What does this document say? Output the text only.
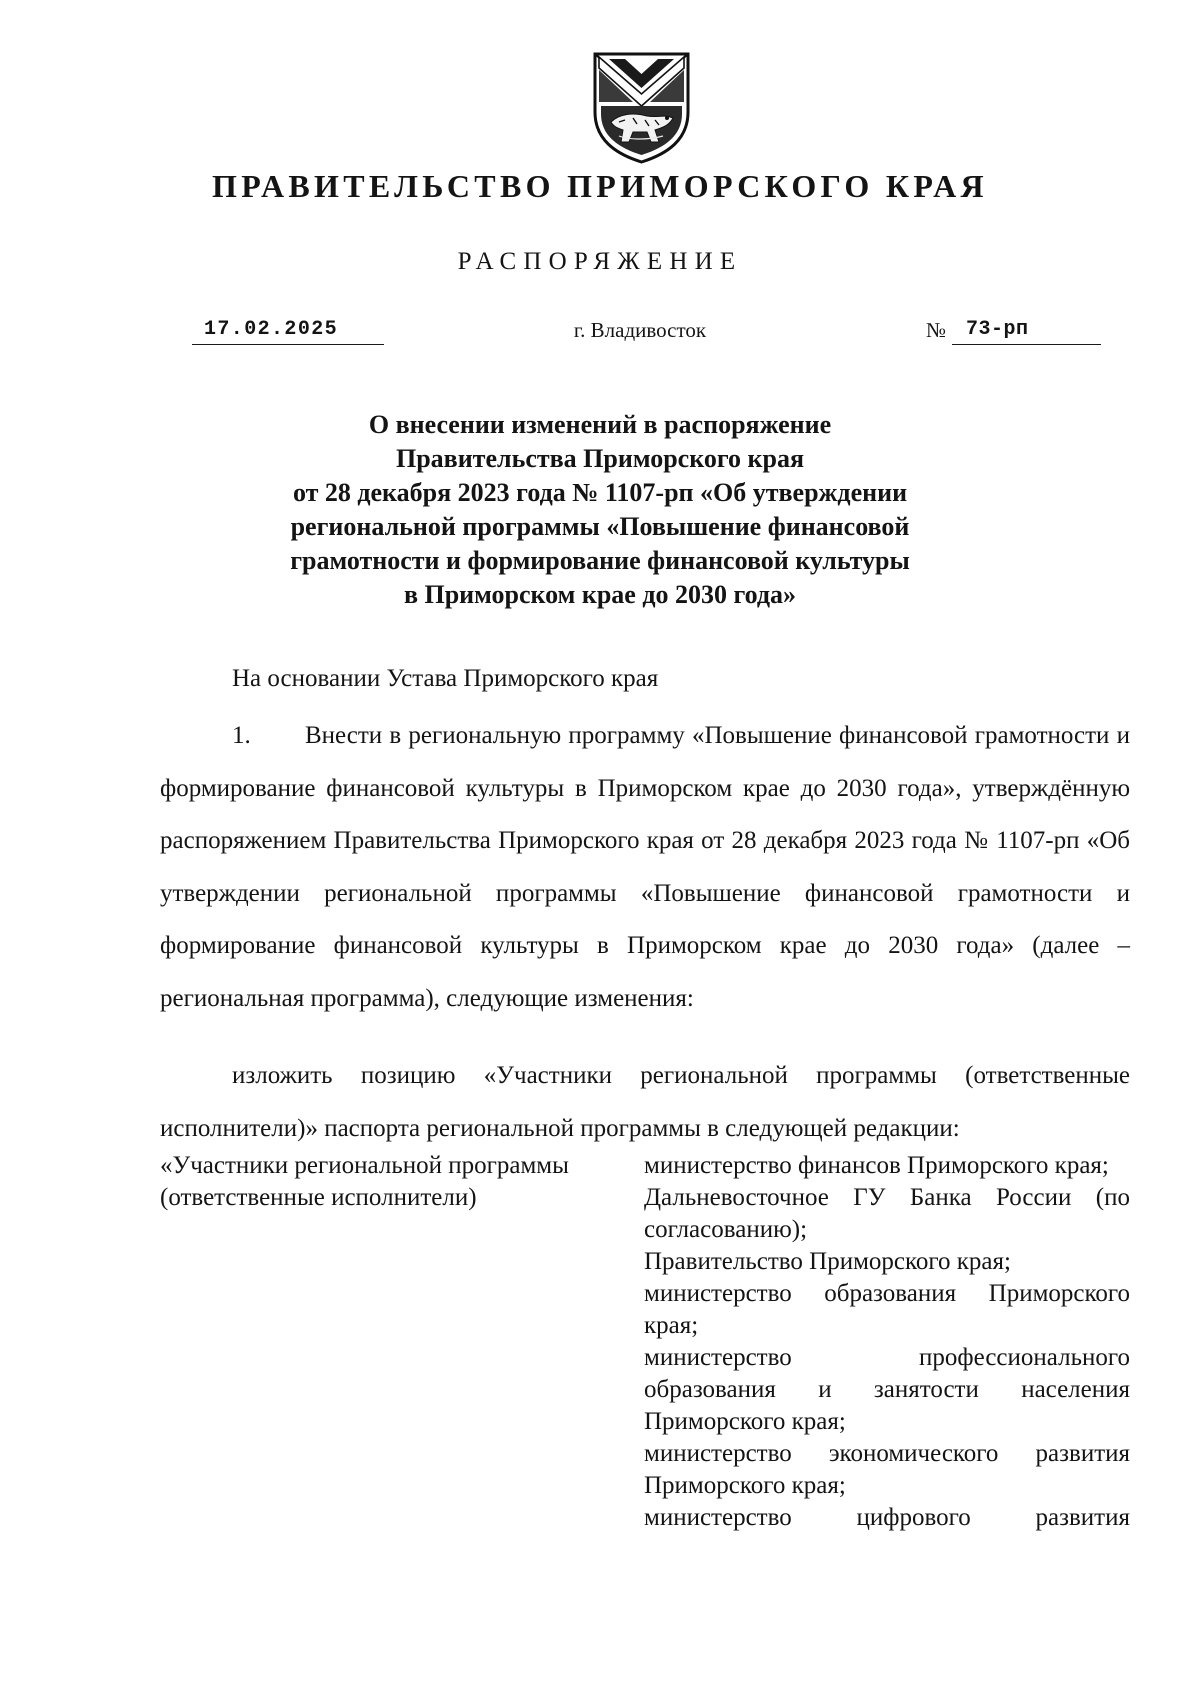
ПРАВИТЕЛЬСТВО ПРИМОРСКОГО КРАЯ
РАСПОРЯЖЕНИЕ
17.02.2025	г. Владивосток	№ 73-рп
О внесении изменений в распоряжение
Правительства Приморского края
от 28 декабря 2023 года № 1107-рп «Об утверждении
региональной программы «Повышение финансовой
грамотности и формирование финансовой культуры
в Приморском крае до 2030 года»
На основании Устава Приморского края
1. Внести в региональную программу «Повышение финансовой грамотности и формирование финансовой культуры в Приморском крае до 2030 года», утверждённую распоряжением Правительства Приморского края от 28 декабря 2023 года № 1107-рп «Об утверждении региональной программы «Повышение финансовой грамотности и формирование финансовой культуры в Приморском крае до 2030 года» (далее – региональная программа), следующие изменения:
изложить позицию «Участники региональной программы (ответственные исполнители)» паспорта региональной программы в следующей редакции:
«Участники региональной программы (ответственные исполнители)
министерство финансов Приморского края;
Дальневосточное ГУ Банка России (по согласованию);
Правительство Приморского края;
министерство образования Приморского края;
министерство профессионального образования и занятости населения Приморского края;
министерство экономического развития Приморского края;
министерство цифрового развития
